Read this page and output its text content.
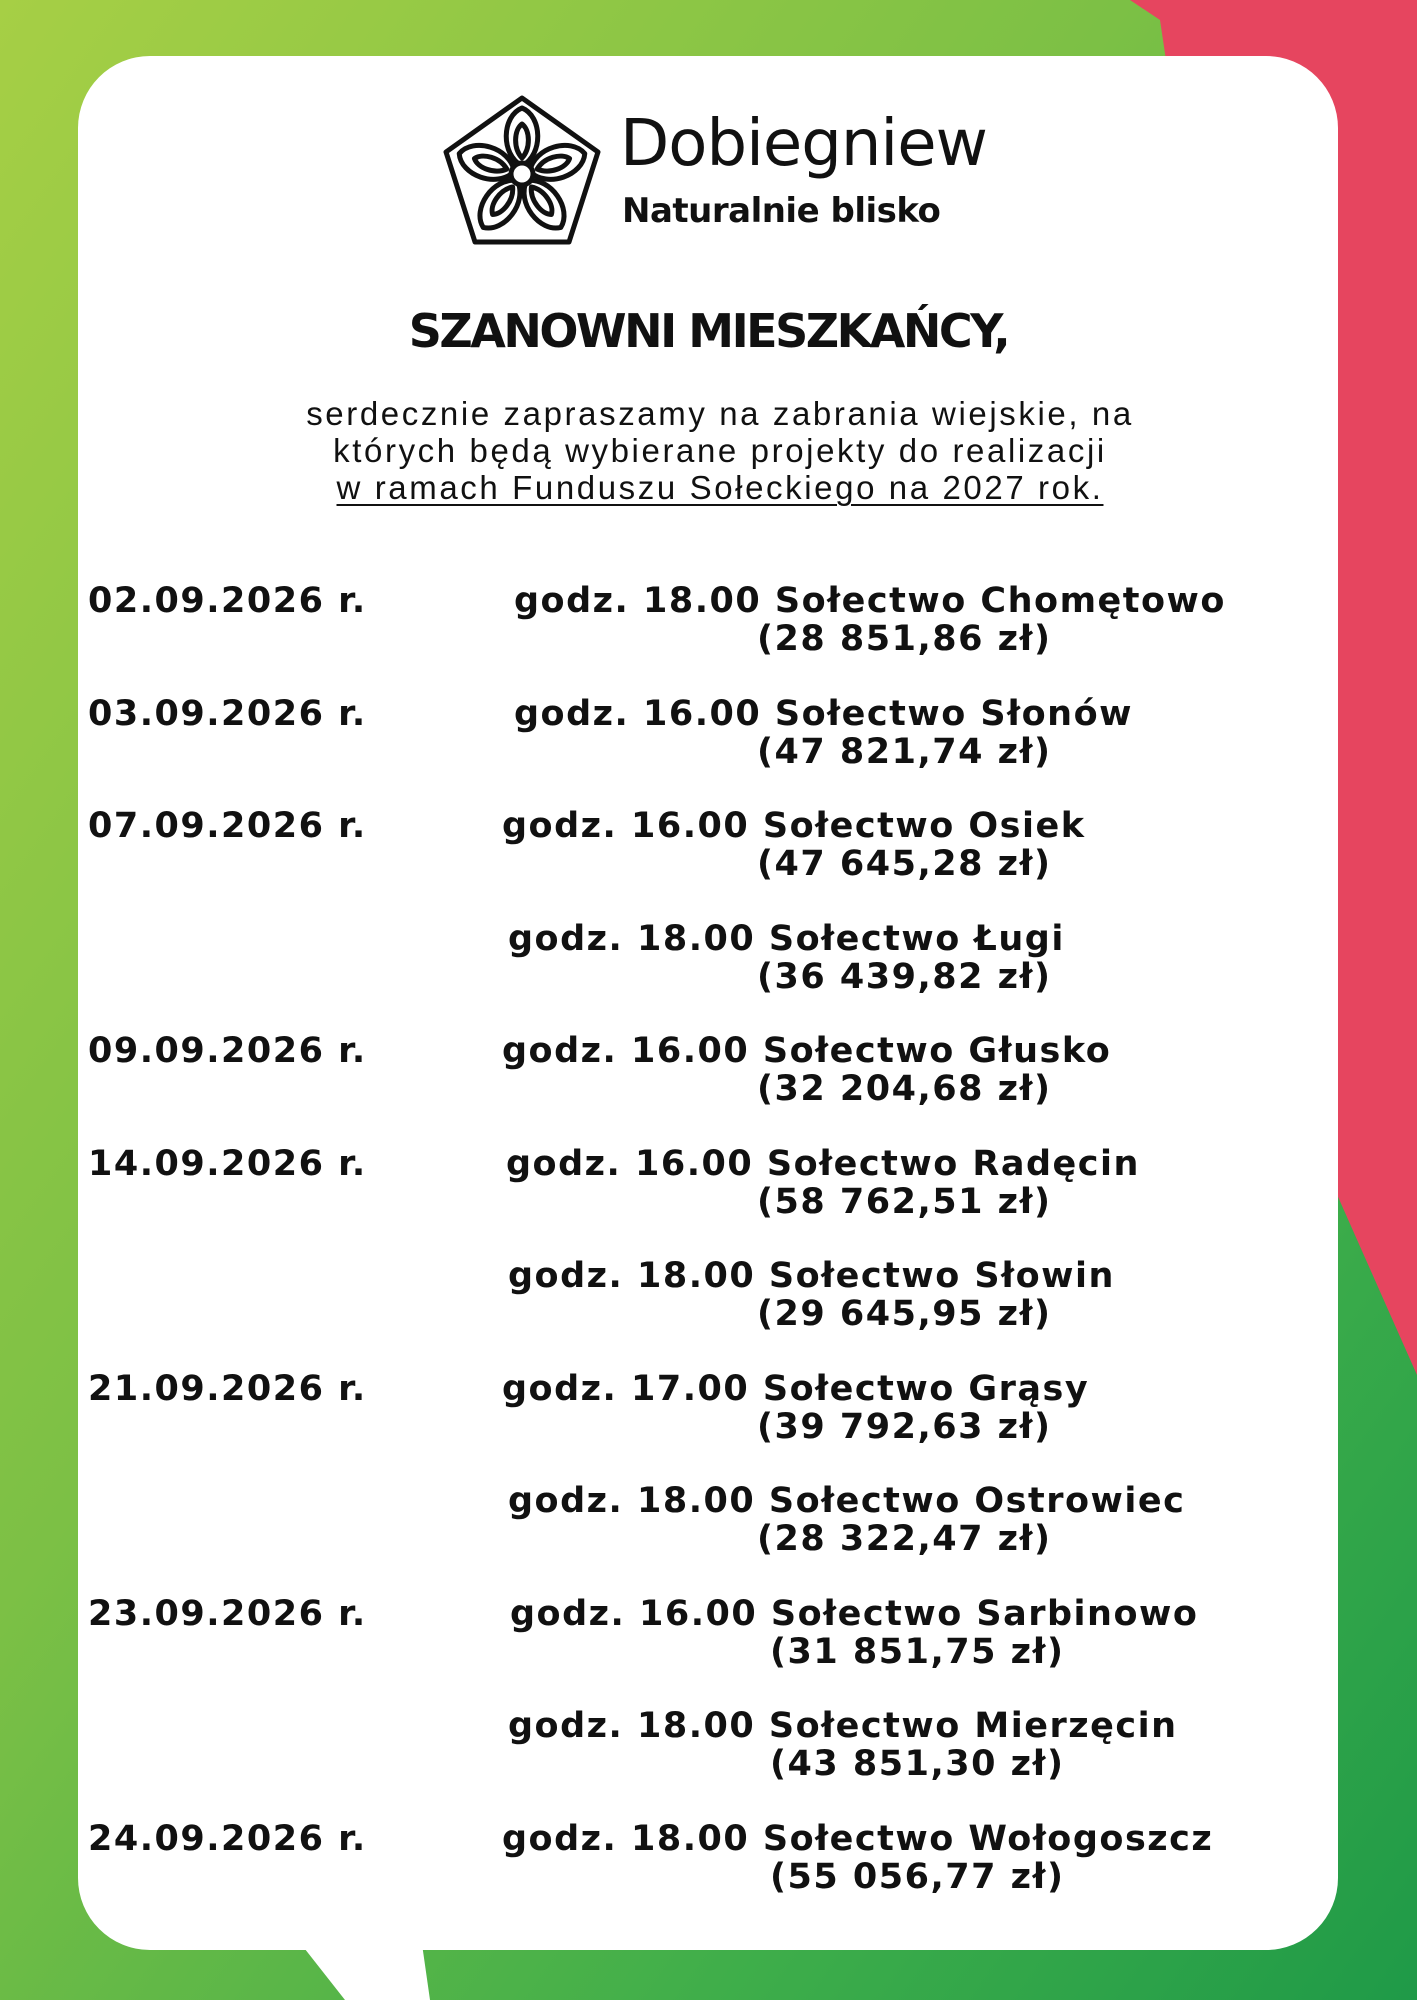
Dobiegniew
Naturalnie blisko
SZANOWNI MIESZKAŃCY,
serdecznie zapraszamy na zabrania wiejskie, na
których będą wybierane projekty do realizacji
w ramach Funduszu Sołeckiego na 2027 rok.
02.09.2026 r.	godz. 18.00 Sołectwo Chomętowo
(28 851,86 zł)
03.09.2026 r.	godz. 16.00 Sołectwo Słonów
(47 821,74 zł)
07.09.2026 r.	godz. 16.00 Sołectwo Osiek
(47 645,28 zł)
godz. 18.00 Sołectwo Ługi
(36 439,82 zł)
09.09.2026 r.	godz. 16.00 Sołectwo Głusko
(32 204,68 zł)
14.09.2026 r.	godz. 16.00 Sołectwo Radęcin
(58 762,51 zł)
godz. 18.00 Sołectwo Słowin
(29 645,95 zł)
21.09.2026 r.	godz. 17.00 Sołectwo Grąsy
(39 792,63 zł)
godz. 18.00 Sołectwo Ostrowiec
(28 322,47 zł)
23.09.2026 r.	godz. 16.00 Sołectwo Sarbinowo
(31 851,75 zł)
godz. 18.00 Sołectwo Mierzęcin
(43 851,30 zł)
24.09.2026 r.	godz. 18.00 Sołectwo Wołogoszcz
(55 056,77 zł)
